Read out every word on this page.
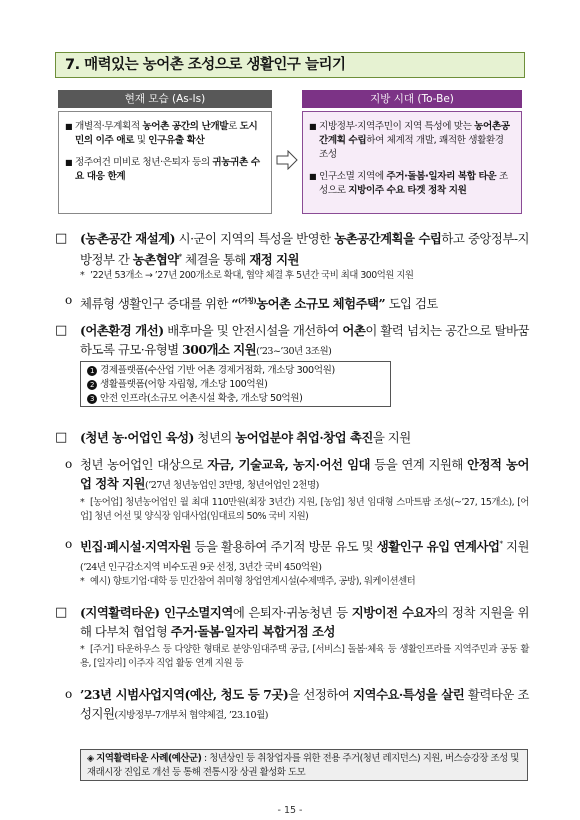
7. 매력있는 농어촌 조성으로 생활인구 늘리기
현재 모습 (As-Is)	지방 시대 (To-Be)
■ 개별적·무계획적 농어촌 공간의 난개발로 도시민의 이주 애로 및 인구유출 확산
■ 정주여건 미비로 청년·은퇴자 등의 귀농귀촌 수요 대응 한계
■ 지방정부·지역주민이 지역 특성에 맞는 농어촌공간계획 수립하여 체계적 개발, 쾌적한 생활환경 조성
■ 인구소멸 지역에 주거·돌봄·일자리 복합 타운 조성으로 지방이주 수요 타겟 정착 지원
□	(농촌공간 재설계) 시·군이 지역의 특성을 반영한 농촌공간계획을 수립하고 중앙정부-지방정부 간 농촌협약* 체결을 통해 재정 지원
* ’22년 53개소 → ’27년 200개소로 확대, 협약 체결 후 5년간 국비 최대 300억원 지원
o 체류형 생활인구 증대를 위한 “$^{(가칭)}$농어촌 소규모 체험주택” 도입 검토
□	(어촌환경 개선) 배후마을 및 안전시설을 개선하여 어촌이 활력 넘치는 공간으로 탈바꿈하도록 규모·유형별 300개소 지원(’23~’30년 3조원)
1 경제플랫폼(수산업 기반 어촌 경제거점화, 개소당 300억원)
2 생활플랫폼(어항 자립형, 개소당 100억원)
3 안전 인프라(소규모 어촌시설 확충, 개소당 50억원)
□	(청년 농·어업인 육성) 청년의 농어업분야 취업·창업 촉진을 지원
o 청년 농어업인 대상으로 자금, 기술교육, 농지·어선 임대 등을 연계 지원해 안정적 농어업 정착 지원(’27년 청년농업인 3만명, 청년어업인 2천명)
* [농어업] 청년농어업인 월 최대 110만원(최장 3년간) 지원, [농업] 청년 임대형 스마트팜 조성(~’27, 15개소), [어업] 청년 어선 및 양식장 임대사업(임대료의 50% 국비 지원)
o 빈집·폐시설·지역자원 등을 활용하여 주기적 방문 유도 및 생활인구 유입 연계사업* 지원(’24년 인구감소지역 비수도권 9곳 선정, 3년간 국비 450억원)
* 예시) 향토기업·대학 등 민간참여 취미형 창업연계시설(수제맥주, 공방), 워케이션센터
□	(지역활력타운) 인구소멸지역에 은퇴자·귀농청년 등 지방이전 수요자의 정착 지원을 위해 다부처 협업형 주거·돌봄·일자리 복합거점 조성
* [주거] 타운하우스 등 다양한 형태로 분양·임대주택 공급, [서비스] 돌봄·체육 등 생활인프라를 지역주민과 공동 활용, [일자리] 이주자 직업 활동 연계 지원 등
o ’23년 시범사업지역(예산, 청도 등 7곳)을 선정하여 지역수요·특성을 살린 활력타운 조성지원(지방정부-7개부처 협약체결, ’23.10월)
◈ 지역활력타운 사례(예산군) : 청년상인 등 취창업자를 위한 전용 주거(청년 레지던스) 지원, 버스승강장 조성 및 재래시장 진입로 개선 등 통해 전통시장 상권 활성화 도모
- 15 -
